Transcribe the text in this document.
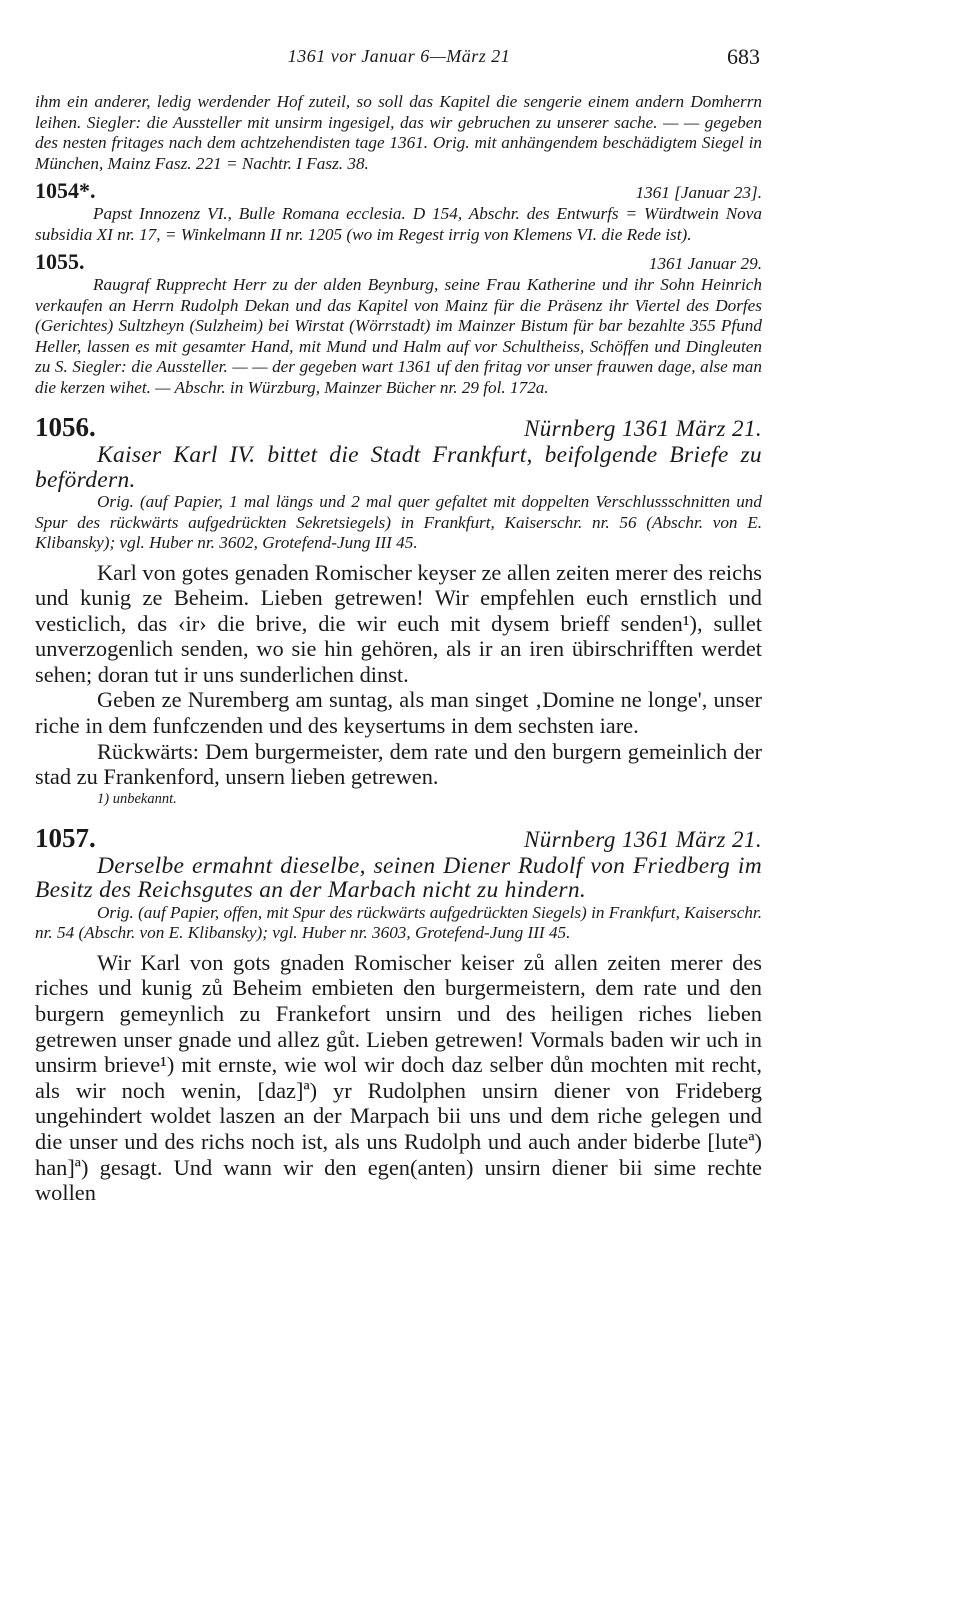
1361 vor Januar 6—März 21	683

ihm ein anderer, ledig werdender Hof zuteil, so soll das Kapitel die sengerie einem andern Domherrn leihen. Siegler: die Aussteller mit unsirm ingesigel, das wir gebruchen zu unserer sache. — — gegeben des nesten fritages nach dem achtzehendisten tage 1361. Orig. mit anhängendem beschädigtem Siegel in München, Mainz Fasz. 221 = Nachtr. I Fasz. 38.

1054*.	1361 [Januar 23].

Papst Innozenz VI., Bulle Romana ecclesia. D 154, Abschr. des Entwurfs = Würdtwein Nova subsidia XI nr. 17, = Winkelmann II nr. 1205 (wo im Regest irrig von Klemens VI. die Rede ist).

1055.	1361 Januar 29.

Raugraf Rupprecht Herr zu der alden Beynburg, seine Frau Katherine und ihr Sohn Heinrich verkaufen an Herrn Rudolph Dekan und das Kapitel von Mainz für die Präsenz ihr Viertel des Dorfes (Gerichtes) Sultzheyn (Sulzheim) bei Wirstat (Wörrstadt) im Mainzer Bistum für bar bezahlte 355 Pfund Heller, lassen es mit gesamter Hand, mit Mund und Halm auf vor Schultheiss, Schöffen und Dingleuten zu S. Siegler: die Aussteller. — — der gegeben wart 1361 uf den fritag vor unser frauwen dage, alse man die kerzen wihet. — Abschr. in Würzburg, Mainzer Bücher nr. 29 fol. 172a.

1056.	Nürnberg 1361 März 21.

Kaiser Karl IV. bittet die Stadt Frankfurt, beifolgende Briefe zu befördern.

Orig. (auf Papier, 1 mal längs und 2 mal quer gefaltet mit doppelten Verschlussschnitten und Spur des rückwärts aufgedrückten Sekretsiegels) in Frankfurt, Kaiserschr. nr. 56 (Abschr. von E. Klibansky); vgl. Huber nr. 3602, Grotefend-Jung III 45.

Karl von gotes genaden Romischer keyser ze allen zeiten merer des reichs und kunig ze Beheim. Lieben getrewen! Wir empfehlen euch ernstlich und vesticlich, das ‹ir› die brive, die wir euch mit dysem brieff senden¹), sullet unverzogenlich senden, wo sie hin gehören, als ir an iren übirschrifften werdet sehen; doran tut ir uns sunderlichen dinst.

Geben ze Nuremberg am suntag, als man singet ‚Domine ne longe', unser riche in dem funfczenden und des keysertums in dem sechsten iare.

Rückwärts: Dem burgermeister, dem rate und den burgern gemeinlich der stad zu Frankenford, unsern lieben getrewen.

1) unbekannt.

1057.	Nürnberg 1361 März 21.

Derselbe ermahnt dieselbe, seinen Diener Rudolf von Friedberg im Besitz des Reichsgutes an der Marbach nicht zu hindern.

Orig. (auf Papier, offen, mit Spur des rückwärts aufgedrückten Siegels) in Frankfurt, Kaiserschr. nr. 54 (Abschr. von E. Klibansky); vgl. Huber nr. 3603, Grotefend-Jung III 45.

Wir Karl von gots gnaden Romischer keiser zů allen zeiten merer des riches und kunig zů Beheim embieten den burgermeistern, dem rate und den burgern gemeynlich zu Frankefort unsirn und des heiligen riches lieben getrewen unser gnade und allez gůt. Lieben getrewen! Vormals baden wir uch in unsirm brieve¹) mit ernste, wie wol wir doch daz selber důn mochten mit recht, als wir noch wenin, [daz]ª) yr Rudolphen unsirn diener von Frideberg ungehindert woldet laszen an der Marpach bii uns und dem riche gelegen und die unser und des richs noch ist, als uns Rudolph und auch ander biderbe [luteª) han]ª) gesagt. Und wann wir den egen(anten) unsirn diener bii sime rechte wollen
